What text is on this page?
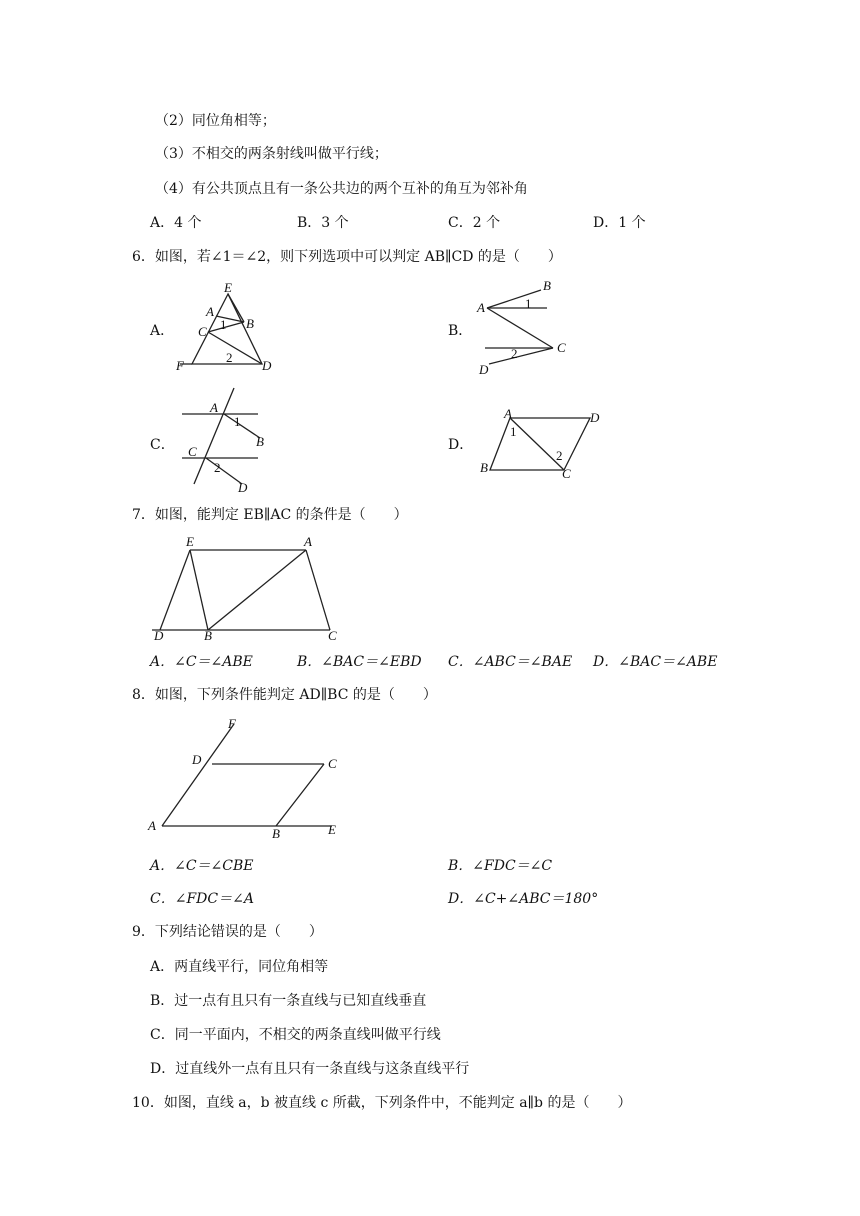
（2）同位角相等；
（3）不相交的两条射线叫做平行线；
（4）有公共顶点且有一条公共边的两个互补的角互为邻补角
A．4 个	B．3 个	C．2 个	D．1 个
6．如图，若∠1＝∠2，则下列选项中可以判定 AB∥CD 的是（　　）
A．
E
A
B
1
C
2
F	D
B．
B
A	1
C
2
D
C．
A
1
B
C
2
D
D．
A	D
1
2
B	C
7．如图，能判定 EB∥AC 的条件是（　　）
E	A
D	B	C
A．∠C＝∠ABE	B．∠BAC＝∠EBD C．∠ABC＝∠BAE D．∠BAC＝∠ABE
8．如图，下列条件能判定 AD∥BC 的是（　　）
F
D	C
A
B	E
A．∠C＝∠CBE	B．∠FDC＝∠C
C．∠FDC＝∠A	D．∠C+∠ABC＝180°
9．下列结论错误的是（　　）
A．两直线平行，同位角相等
B．过一点有且只有一条直线与已知直线垂直
C．同一平面内，不相交的两条直线叫做平行线
D．过直线外一点有且只有一条直线与这条直线平行
10．如图，直线 a，b 被直线 c 所截，下列条件中，不能判定 a∥b 的是（　　）
